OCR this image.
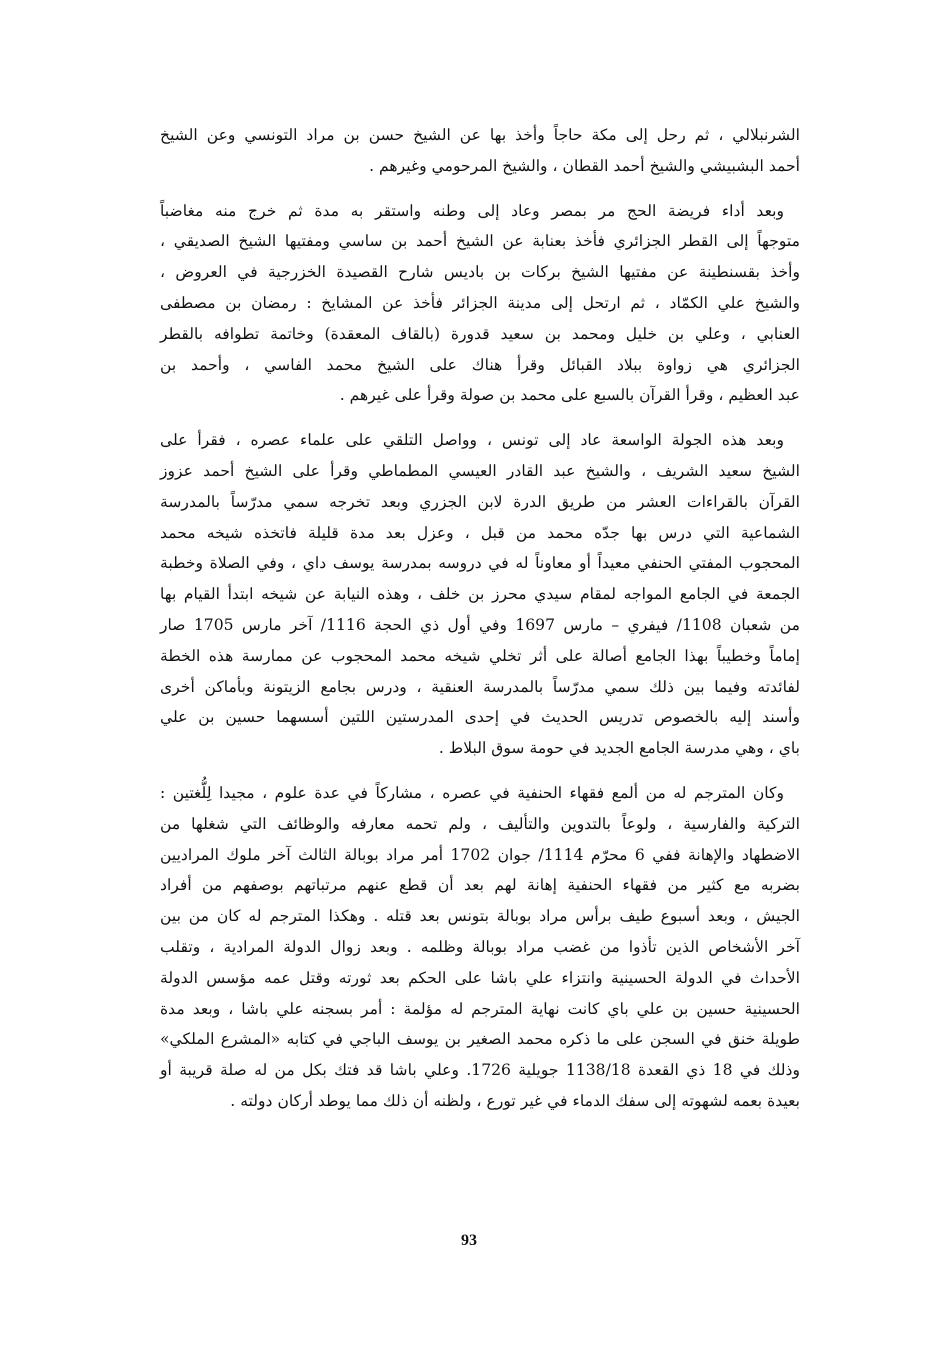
الشرنبلالي ، ثم رحل إلى مكة حاجاً وأخذ بها عن الشيخ حسن بن مراد التونسي وعن الشيخ
أحمد البشبيشي والشيخ أحمد القطان ، والشيخ المرحومي وغيرهم .

وبعد أداء فريضة الحج مر بمصر وعاد إلى وطنه واستقر به مدة ثم خرج منه مغاضباً
متوجهاً إلى القطر الجزائري فأخذ بعنابة عن الشيخ أحمد بن ساسي ومفتيها الشيخ الصديقي ،
وأخذ بقسنطينة عن مفتيها الشيخ بركات بن باديس شارح القصيدة الخزرجية في العروض ،
والشيخ علي الكمّاد ، ثم ارتحل إلى مدينة الجزائر فأخذ عن المشايخ : رمضان بن مصطفى
العنابي ، وعلي بن خليل ومحمد بن سعيد قدورة (بالقاف المعقدة) وخاتمة تطوافه بالقطر
الجزائري هي زواوة ببلاد القبائل وقرأ هناك على الشيخ محمد الفاسي ، وأحمد بن
عبد العظيم ، وقرأ القرآن بالسبع على محمد بن صولة وقرأ على غيرهم .

وبعد هذه الجولة الواسعة عاد إلى تونس ، وواصل التلقي على علماء عصره ، فقرأ على
الشيخ سعيد الشريف ، والشيخ عبد القادر العيسي المطماطي وقرأ على الشيخ أحمد عزوز
القرآن بالقراءات العشر من طريق الدرة لابن الجزري وبعد تخرجه سمي مدرّساً بالمدرسة
الشماعية التي درس بها جدّه محمد من قبل ، وعزل بعد مدة قليلة فاتخذه شيخه محمد
المحجوب المفتي الحنفي معيداً أو معاوناً له في دروسه بمدرسة يوسف داي ، وفي الصلاة وخطبة
الجمعة في الجامع المواجه لمقام سيدي محرز بن خلف ، وهذه النيابة عن شيخه ابتدأ القيام بها
من شعبان 1108/ فيفري – مارس 1697 وفي أول ذي الحجة 1116/ آخر مارس 1705 صار
إماماً وخطيباً بهذا الجامع أصالة على أثر تخلي شيخه محمد المحجوب عن ممارسة هذه الخطة
لفائدته وفيما بين ذلك سمي مدرّساً بالمدرسة العنقية ، ودرس بجامع الزيتونة وبأماكن أخرى
وأسند إليه بالخصوص تدريس الحديث في إحدى المدرستين اللتين أسسهما حسين بن علي
باي ، وهي مدرسة الجامع الجديد في حومة سوق البلاط .

وكان المترجم له من ألمع فقهاء الحنفية في عصره ، مشاركاً في عدة علوم ، مجيدا لِلُّغتين :
التركية والفارسية ، ولوعاً بالتدوين والتأليف ، ولم تحمه معارفه والوظائف التي شغلها من
الاضطهاد والإهانة ففي 6 محرّم 1114/ جوان 1702 أمر مراد بوبالة الثالث آخر ملوك المراديين
بضربه مع كثير من فقهاء الحنفية إهانة لهم بعد أن قطع عنهم مرتباتهم بوصفهم من أفراد
الجيش ، وبعد أسبوع طيف برأس مراد بوبالة بتونس بعد قتله . وهكذا المترجم له كان من بين
آخر الأشخاص الذين تأذوا من غضب مراد بوبالة وظلمه . وبعد زوال الدولة المرادية ، وتقلب
الأحداث في الدولة الحسينية وانتزاء علي باشا على الحكم بعد ثورته وقتل عمه مؤسس الدولة
الحسينية حسين بن علي باي كانت نهاية المترجم له مؤلمة : أمر بسجنه علي باشا ، وبعد مدة
طويلة خنق في السجن على ما ذكره محمد الصغير بن يوسف الباجي في كتابه «المشرع الملكي»
وذلك في 18 ذي القعدة 1138/18 جويلية 1726. وعلي باشا قد فتك بكل من له صلة قريبة أو
بعيدة بعمه لشهوته إلى سفك الدماء في غير تورع ، ولظنه أن ذلك مما يوطد أركان دولته .

93
